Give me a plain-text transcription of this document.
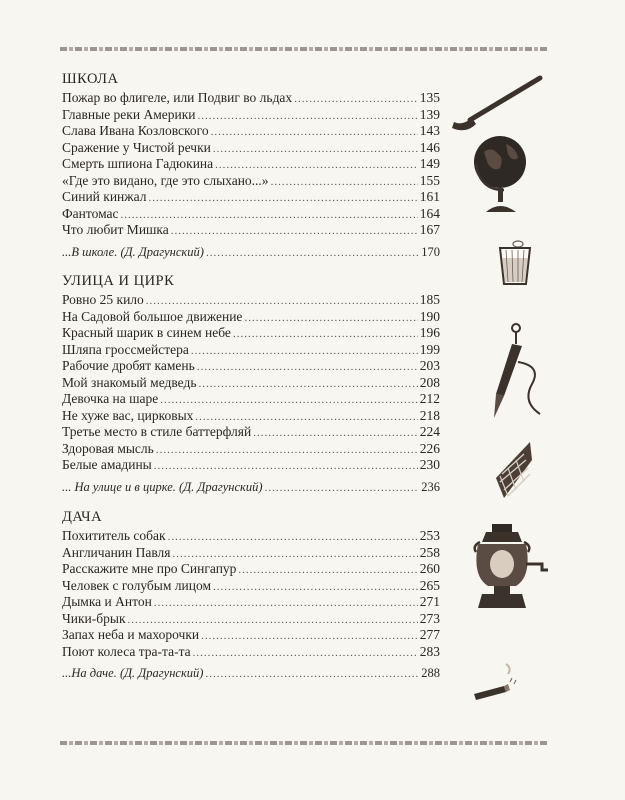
ШКОЛА
Пожар во флигеле, или Подвиг во льдах .....	135
Главные реки Америки .....	139
Слава Ивана Козловского .....	143
Сражение у Чистой речки .....	146
Смерть шпиона Гадюкина .....	149
«Где это видано, где это слыхано...» .....	155
Синий кинжал .....	161
Фантомас .....	164
Что любит Мишка .....	167
...В школе. (Д. Драгунский) .....	170
УЛИЦА И ЦИРК
Ровно 25 кило .....	185
На Садовой большое движение .....	190
Красный шарик в синем небе .....	196
Шляпа гроссмейстера .....	199
Рабочие дробят камень .....	203
Мой знакомый медведь .....	208
Девочка на шаре .....	212
Не хуже вас, цирковых .....	218
Третье место в стиле баттерфляй .....	224
Здоровая мысль .....	226
Белые амадины .....	230
... На улице и в цирке. (Д. Драгунский) .....	236
ДАЧА
Похититель собак .....	253
Англичанин Павля .....	258
Расскажите мне про Сингапур .....	260
Человек с голубым лицом .....	265
Дымка и Антон .....	271
Чики-брык .....	273
Запах неба и махорочки .....	277
Поют колеса тра-та-та .....	283
...На даче. (Д. Драгунский) .....	288
